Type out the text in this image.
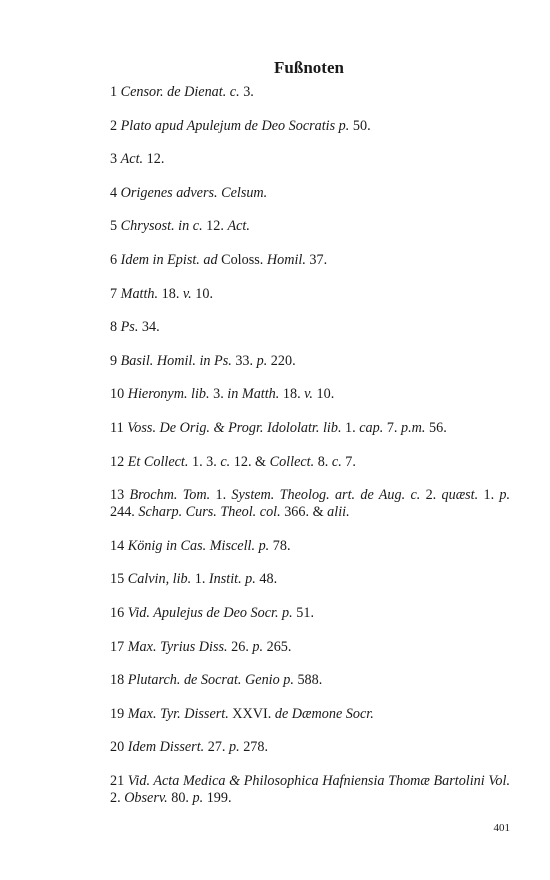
Fußnoten
1 Censor. de Dienat. c. 3.
2 Plato apud Apulejum de Deo Socratis p. 50.
3 Act. 12.
4 Origenes advers. Celsum.
5 Chrysost. in c. 12. Act.
6 Idem in Epist. ad Coloss. Homil. 37.
7 Matth. 18. v. 10.
8 Ps. 34.
9 Basil. Homil. in Ps. 33. p. 220.
10 Hieronym. lib. 3. in Matth. 18. v. 10.
11 Voss. De Orig. & Progr. Idololatr. lib. 1. cap. 7. p.m. 56.
12 Et Collect. 1. 3. c. 12. & Collect. 8. c. 7.
13 Brochm. Tom. 1. System. Theolog. art. de Aug. c. 2. quæst. 1. p. 244. Scharp. Curs. Theol. col. 366. & alii.
14 König in Cas. Miscell. p. 78.
15 Calvin, lib. 1. Instit. p. 48.
16 Vid. Apulejus de Deo Socr. p. 51.
17 Max. Tyrius Diss. 26. p. 265.
18 Plutarch. de Socrat. Genio p. 588.
19 Max. Tyr. Dissert. XXVI. de Dæmone Socr.
20 Idem Dissert. 27. p. 278.
21 Vid. Acta Medica & Philosophica Hafniensia Thomæ Bartolini Vol. 2. Observ. 80. p. 199.

401
